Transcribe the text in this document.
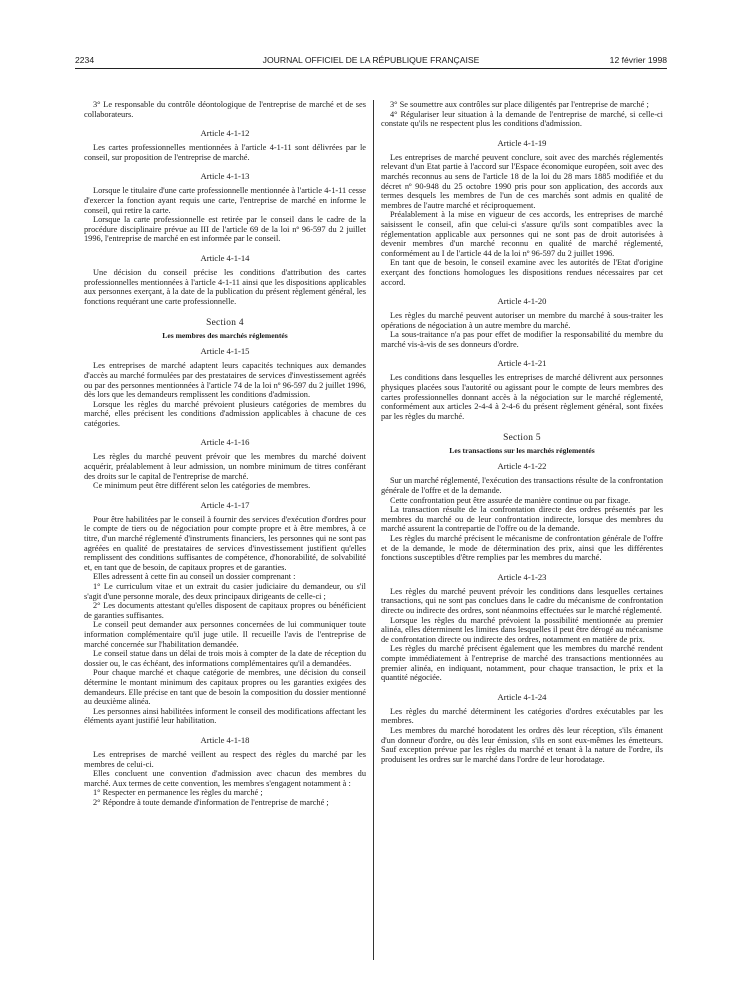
2234	JOURNAL OFFICIEL DE LA RÉPUBLIQUE FRANÇAISE	12 février 1998

3° Le responsable du contrôle déontologique de l'entreprise de marché et de ses collaborateurs.

Article 4-1-12

Les cartes professionnelles mentionnées à l'article 4-1-11 sont délivrées par le conseil, sur proposition de l'entreprise de marché.

Article 4-1-13

Lorsque le titulaire d'une carte professionnelle mentionnée à l'article 4-1-11 cesse d'exercer la fonction ayant requis une carte, l'entreprise de marché en informe le conseil, qui retire la carte.

Lorsque la carte professionnelle est retirée par le conseil dans le cadre de la procédure disciplinaire prévue au III de l'article 69 de la loi nº 96-597 du 2 juillet 1996, l'entreprise de marché en est informée par le conseil.

Article 4-1-14

Une décision du conseil précise les conditions d'attribution des cartes professionnelles mentionnées à l'article 4-1-11 ainsi que les dispositions applicables aux personnes exerçant, à la date de la publication du présent règlement général, les fonctions requérant une carte professionnelle.

Section 4

Les membres des marchés réglementés

Article 4-1-15

Les entreprises de marché adaptent leurs capacités techniques aux demandes d'accès au marché formulées par des prestataires de services d'investissement agréés ou par des personnes mentionnées à l'article 74 de la loi nº 96-597 du 2 juillet 1996, dès lors que les demandeurs remplissent les conditions d'admission.

Lorsque les règles du marché prévoient plusieurs catégories de membres du marché, elles précisent les conditions d'admission applicables à chacune de ces catégories.

Article 4-1-16

Les règles du marché peuvent prévoir que les membres du marché doivent acquérir, préalablement à leur admission, un nombre minimum de titres conférant des droits sur le capital de l'entreprise de marché.

Ce minimum peut être différent selon les catégories de membres.

Article 4-1-17

Pour être habilitées par le conseil à fournir des services d'exécution d'ordres pour le compte de tiers ou de négociation pour compte propre et à être membres, à ce titre, d'un marché réglementé d'instruments financiers, les personnes qui ne sont pas agréées en qualité de prestataires de services d'investissement justifient qu'elles remplissent des conditions suffisantes de compétence, d'honorabilité, de solvabilité et, en tant que de besoin, de capitaux propres et de garanties.

Elles adressent à cette fin au conseil un dossier comprenant :

1° Le curriculum vitae et un extrait du casier judiciaire du demandeur, ou s'il s'agit d'une personne morale, des deux principaux dirigeants de celle-ci ;

2° Les documents attestant qu'elles disposent de capitaux propres ou bénéficient de garanties suffisantes.

Le conseil peut demander aux personnes concernées de lui communiquer toute information complémentaire qu'il juge utile. Il recueille l'avis de l'entreprise de marché concernée sur l'habilitation demandée.

Le conseil statue dans un délai de trois mois à compter de la date de réception du dossier ou, le cas échéant, des informations complémentaires qu'il a demandées.

Pour chaque marché et chaque catégorie de membres, une décision du conseil détermine le montant minimum des capitaux propres ou les garanties exigées des demandeurs. Elle précise en tant que de besoin la composition du dossier mentionné au deuxième alinéa.

Les personnes ainsi habilitées informent le conseil des modifications affectant les éléments ayant justifié leur habilitation.

Article 4-1-18

Les entreprises de marché veillent au respect des règles du marché par les membres de celui-ci.

Elles concluent une convention d'admission avec chacun des membres du marché. Aux termes de cette convention, les membres s'engagent notamment à :

1° Respecter en permanence les règles du marché ;

2° Répondre à toute demande d'information de l'entreprise de marché ;

3° Se soumettre aux contrôles sur place diligentés par l'entreprise de marché ;

4° Régulariser leur situation à la demande de l'entreprise de marché, si celle-ci constate qu'ils ne respectent plus les conditions d'admission.

Article 4-1-19

Les entreprises de marché peuvent conclure, soit avec des marchés réglementés relevant d'un Etat partie à l'accord sur l'Espace économique européen, soit avec des marchés reconnus au sens de l'article 18 de la loi du 28 mars 1885 modifiée et du décret nº 90-948 du 25 octobre 1990 pris pour son application, des accords aux termes desquels les membres de l'un de ces marchés sont admis en qualité de membres de l'autre marché et réciproquement.

Préalablement à la mise en vigueur de ces accords, les entreprises de marché saisissent le conseil, afin que celui-ci s'assure qu'ils sont compatibles avec la réglementation applicable aux personnes qui ne sont pas de droit autorisées à devenir membres d'un marché reconnu en qualité de marché réglementé, conformément au I de l'article 44 de la loi nº 96-597 du 2 juillet 1996.

En tant que de besoin, le conseil examine avec les autorités de l'Etat d'origine exerçant des fonctions homologues les dispositions rendues nécessaires par cet accord.

Article 4-1-20

Les règles du marché peuvent autoriser un membre du marché à sous-traiter les opérations de négociation à un autre membre du marché.

La sous-traitance n'a pas pour effet de modifier la responsabilité du membre du marché vis-à-vis de ses donneurs d'ordre.

Article 4-1-21

Les conditions dans lesquelles les entreprises de marché délivrent aux personnes physiques placées sous l'autorité ou agissant pour le compte de leurs membres des cartes professionnelles donnant accès à la négociation sur le marché réglementé, conformément aux articles 2-4-4 à 2-4-6 du présent règlement général, sont fixées par les règles du marché.

Section 5

Les transactions sur les marchés réglementés

Article 4-1-22

Sur un marché réglementé, l'exécution des transactions résulte de la confrontation générale de l'offre et de la demande.

Cette confrontation peut être assurée de manière continue ou par fixage.

La transaction résulte de la confrontation directe des ordres présentés par les membres du marché ou de leur confrontation indirecte, lorsque des membres du marché assurent la contrepartie de l'offre ou de la demande.

Les règles du marché précisent le mécanisme de confrontation générale de l'offre et de la demande, le mode de détermination des prix, ainsi que les différentes fonctions susceptibles d'être remplies par les membres du marché.

Article 4-1-23

Les règles du marché peuvent prévoir les conditions dans lesquelles certaines transactions, qui ne sont pas conclues dans le cadre du mécanisme de confrontation directe ou indirecte des ordres, sont néanmoins effectuées sur le marché réglementé.

Lorsque les règles du marché prévoient la possibilité mentionnée au premier alinéa, elles déterminent les limites dans lesquelles il peut être dérogé au mécanisme de confrontation directe ou indirecte des ordres, notamment en matière de prix.

Les règles du marché précisent également que les membres du marché rendent compte immédiatement à l'entreprise de marché des transactions mentionnées au premier alinéa, en indiquant, notamment, pour chaque transaction, le prix et la quantité négociée.

Article 4-1-24

Les règles du marché déterminent les catégories d'ordres exécutables par les membres.

Les membres du marché horodatent les ordres dès leur réception, s'ils émanent d'un donneur d'ordre, ou dès leur émission, s'ils en sont eux-mêmes les émetteurs. Sauf exception prévue par les règles du marché et tenant à la nature de l'ordre, ils produisent les ordres sur le marché dans l'ordre de leur horodatage.
